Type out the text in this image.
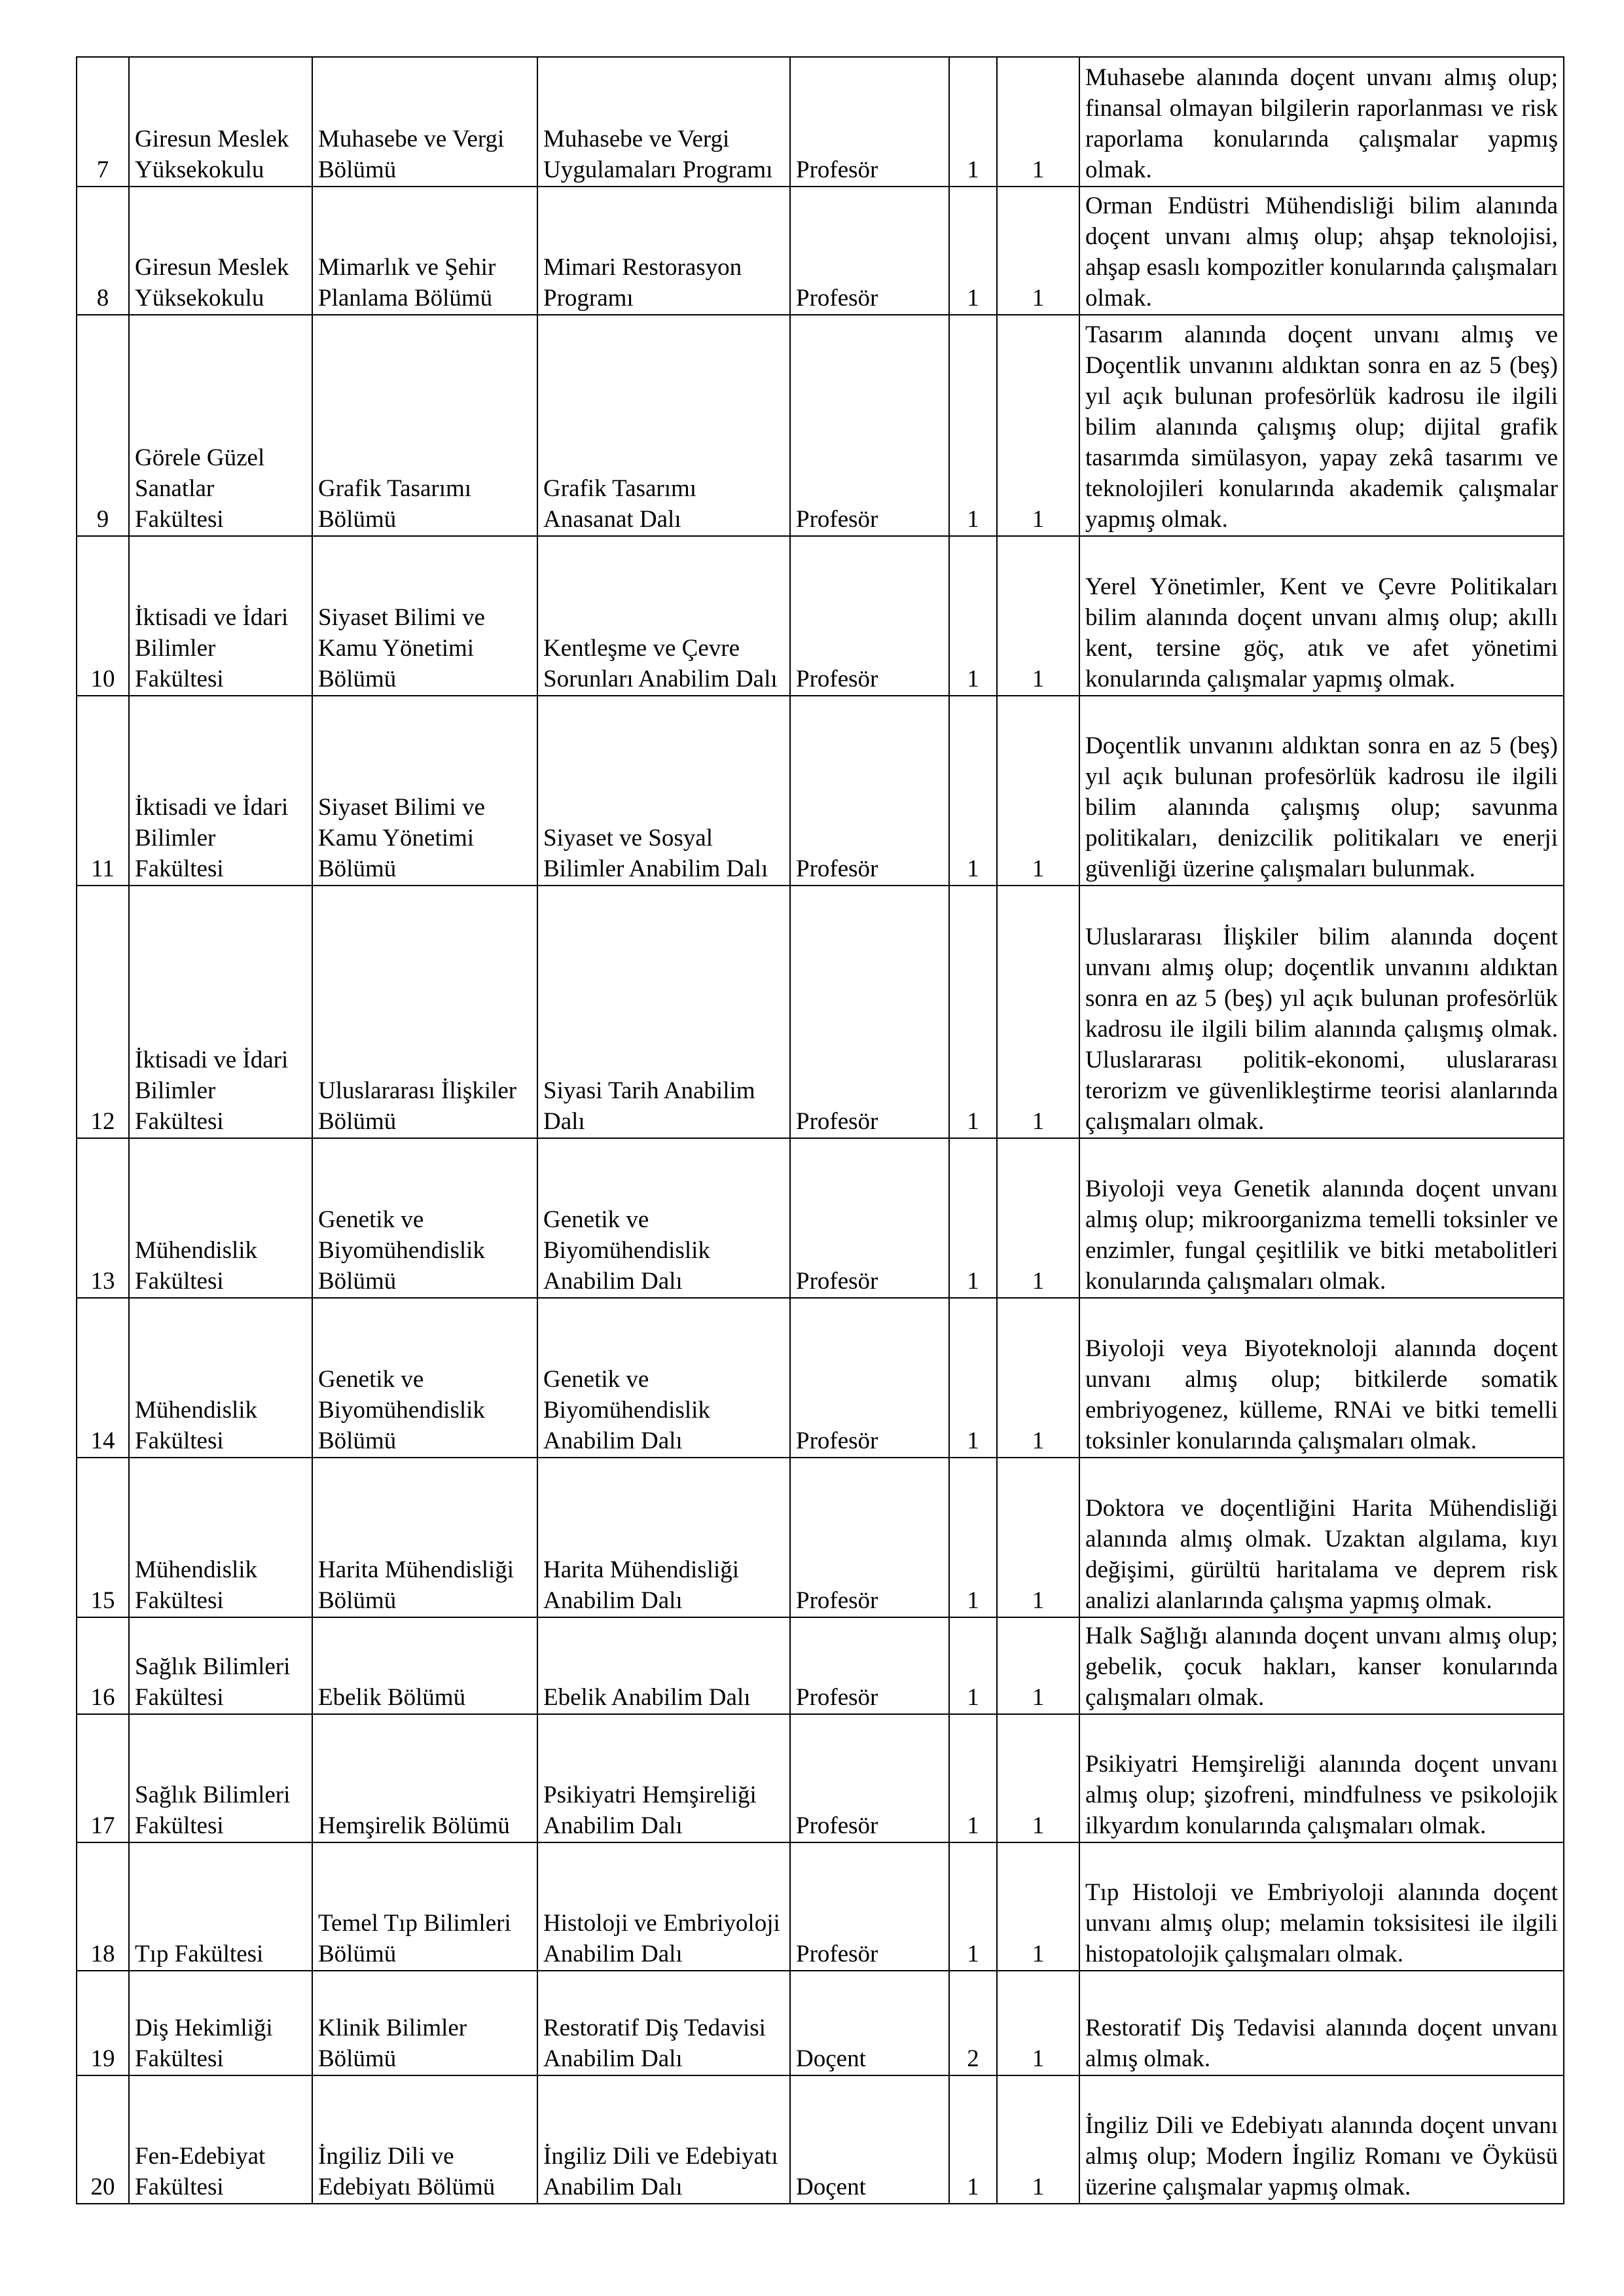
7	Giresun Meslek Yüksekokulu	Muhasebe ve Vergi Bölümü	Muhasebe ve Vergi Uygulamaları Programı	Profesör	1	1	Muhasebe alanında doçent unvanı almış olup; finansal olmayan bilgilerin raporlanması ve risk raporlama konularında çalışmalar yapmış olmak.
8	Giresun Meslek Yüksekokulu	Mimarlık ve Şehir Planlama Bölümü	Mimari Restorasyon Programı	Profesör	1	1	Orman Endüstri Mühendisliği bilim alanında doçent unvanı almış olup; ahşap teknolojisi, ahşap esaslı kompozitler konularında çalışmaları olmak.
9	Görele Güzel Sanatlar Fakültesi	Grafik Tasarımı Bölümü	Grafik Tasarımı Anasanat Dalı	Profesör	1	1	Tasarım alanında doçent unvanı almış ve Doçentlik unvanını aldıktan sonra en az 5 (beş) yıl açık bulunan profesörlük kadrosu ile ilgili bilim alanında çalışmış olup; dijital grafik tasarımda simülasyon, yapay zekâ tasarımı ve teknolojileri konularında akademik çalışmalar yapmış olmak.
10	İktisadi ve İdari Bilimler Fakültesi	Siyaset Bilimi ve Kamu Yönetimi Bölümü	Kentleşme ve Çevre Sorunları Anabilim Dalı	Profesör	1	1	Yerel Yönetimler, Kent ve Çevre Politikaları bilim alanında doçent unvanı almış olup; akıllı kent, tersine göç, atık ve afet yönetimi konularında çalışmalar yapmış olmak.
11	İktisadi ve İdari Bilimler Fakültesi	Siyaset Bilimi ve Kamu Yönetimi Bölümü	Siyaset ve Sosyal Bilimler Anabilim Dalı	Profesör	1	1	Doçentlik unvanını aldıktan sonra en az 5 (beş) yıl açık bulunan profesörlük kadrosu ile ilgili bilim alanında çalışmış olup; savunma politikaları, denizcilik politikaları ve enerji güvenliği üzerine çalışmaları bulunmak.
12	İktisadi ve İdari Bilimler Fakültesi	Uluslararası İlişkiler Bölümü	Siyasi Tarih Anabilim Dalı	Profesör	1	1	Uluslararası İlişkiler bilim alanında doçent unvanı almış olup; doçentlik unvanını aldıktan sonra en az 5 (beş) yıl açık bulunan profesörlük kadrosu ile ilgili bilim alanında çalışmış olmak. Uluslararası politik-ekonomi, uluslararası terorizm ve güvenlikleştirme teorisi alanlarında çalışmaları olmak.
13	Mühendislik Fakültesi	Genetik ve Biyomühendislik Bölümü	Genetik ve Biyomühendislik Anabilim Dalı	Profesör	1	1	Biyoloji veya Genetik alanında doçent unvanı almış olup; mikroorganizma temelli toksinler ve enzimler, fungal çeşitlilik ve bitki metabolitleri konularında çalışmaları olmak.
14	Mühendislik Fakültesi	Genetik ve Biyomühendislik Bölümü	Genetik ve Biyomühendislik Anabilim Dalı	Profesör	1	1	Biyoloji veya Biyoteknoloji alanında doçent unvanı almış olup; bitkilerde somatik embriyogenez, külleme, RNAi ve bitki temelli toksinler konularında çalışmaları olmak.
15	Mühendislik Fakültesi	Harita Mühendisliği Bölümü	Harita Mühendisliği Anabilim Dalı	Profesör	1	1	Doktora ve doçentliğini Harita Mühendisliği alanında almış olmak. Uzaktan algılama, kıyı değişimi, gürültü haritalama ve deprem risk analizi alanlarında çalışma yapmış olmak.
16	Sağlık Bilimleri Fakültesi	Ebelik Bölümü	Ebelik Anabilim Dalı	Profesör	1	1	Halk Sağlığı alanında doçent unvanı almış olup; gebelik, çocuk hakları, kanser konularında çalışmaları olmak.
17	Sağlık Bilimleri Fakültesi	Hemşirelik Bölümü	Psikiyatri Hemşireliği Anabilim Dalı	Profesör	1	1	Psikiyatri Hemşireliği alanında doçent unvanı almış olup; şizofreni, mindfulness ve psikolojik ilkyardım konularında çalışmaları olmak.
18	Tıp Fakültesi	Temel Tıp Bilimleri Bölümü	Histoloji ve Embriyoloji Anabilim Dalı	Profesör	1	1	Tıp Histoloji ve Embriyoloji alanında doçent unvanı almış olup; melamin toksisitesi ile ilgili histopatolojik çalışmaları olmak.
19	Diş Hekimliği Fakültesi	Klinik Bilimler Bölümü	Restoratif Diş Tedavisi Anabilim Dalı	Doçent	2	1	Restoratif Diş Tedavisi alanında doçent unvanı almış olmak.
20	Fen-Edebiyat Fakültesi	İngiliz Dili ve Edebiyatı Bölümü	İngiliz Dili ve Edebiyatı Anabilim Dalı	Doçent	1	1	İngiliz Dili ve Edebiyatı alanında doçent unvanı almış olup; Modern İngiliz Romanı ve Öyküsü üzerine çalışmalar yapmış olmak.
